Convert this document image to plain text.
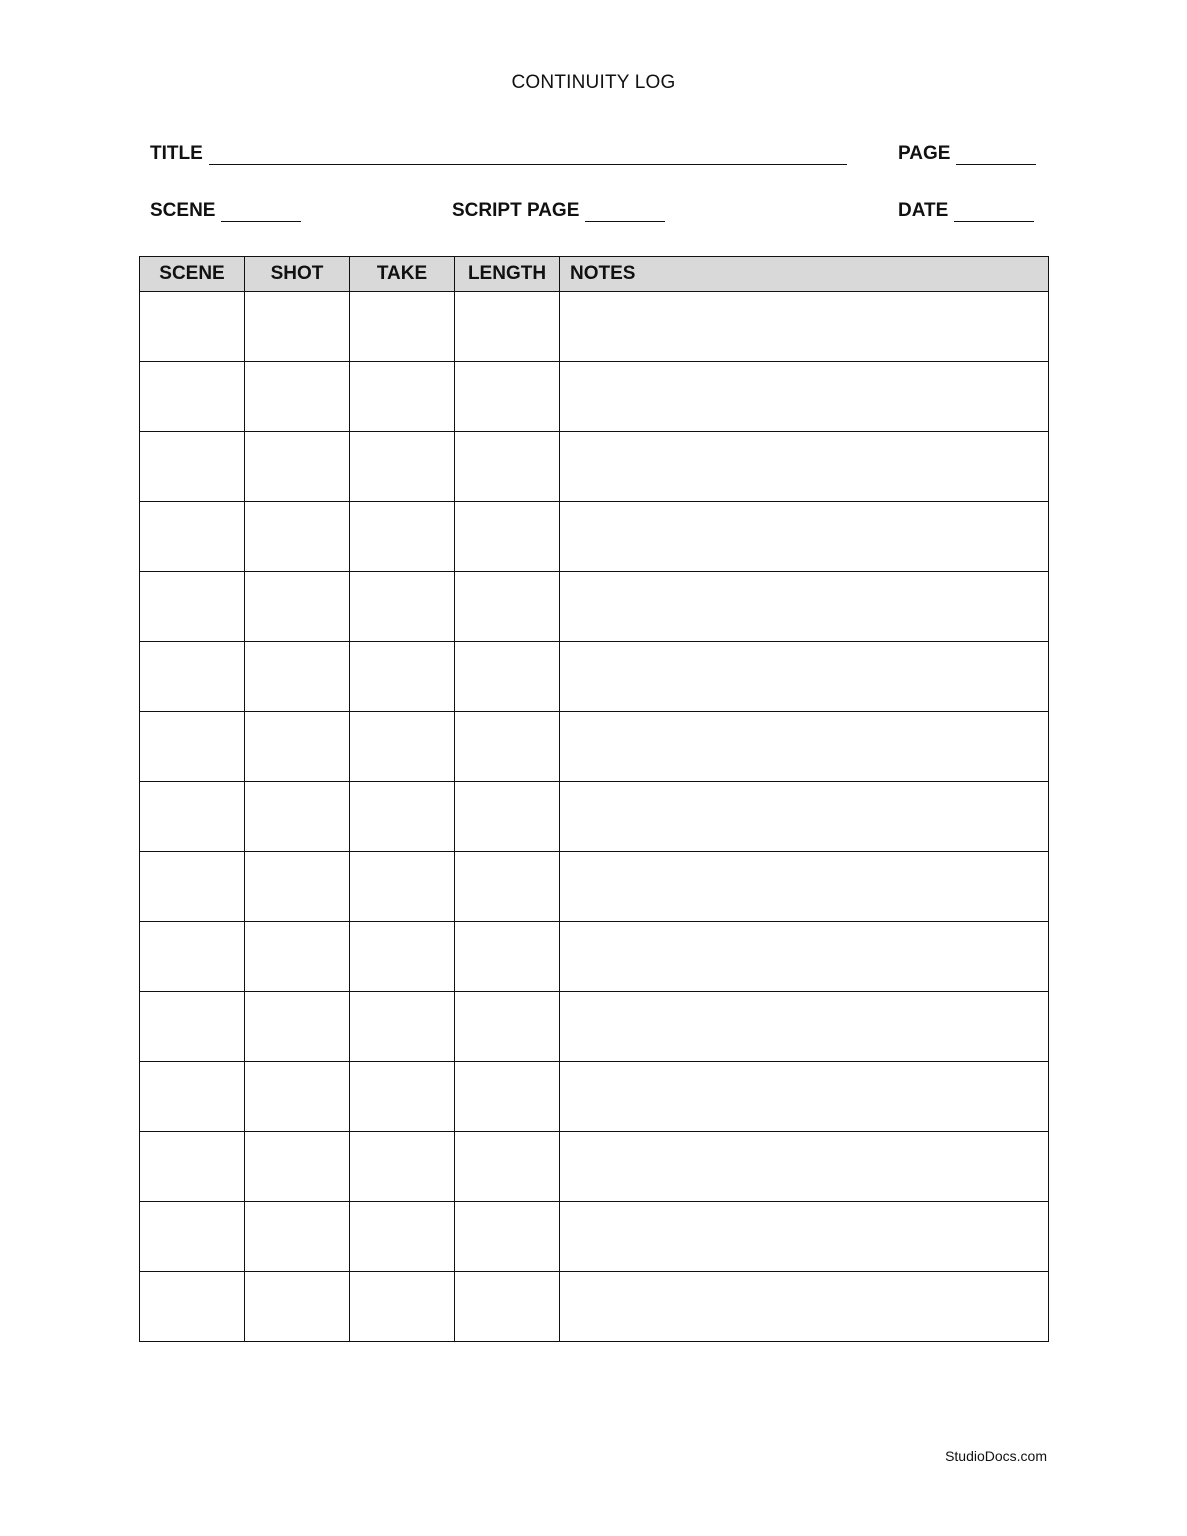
CONTINUITY LOG
TITLE	PAGE
SCENE	SCRIPT PAGE	DATE
SCENE	SHOT	TAKE	LENGTH	NOTES

StudioDocs.com
